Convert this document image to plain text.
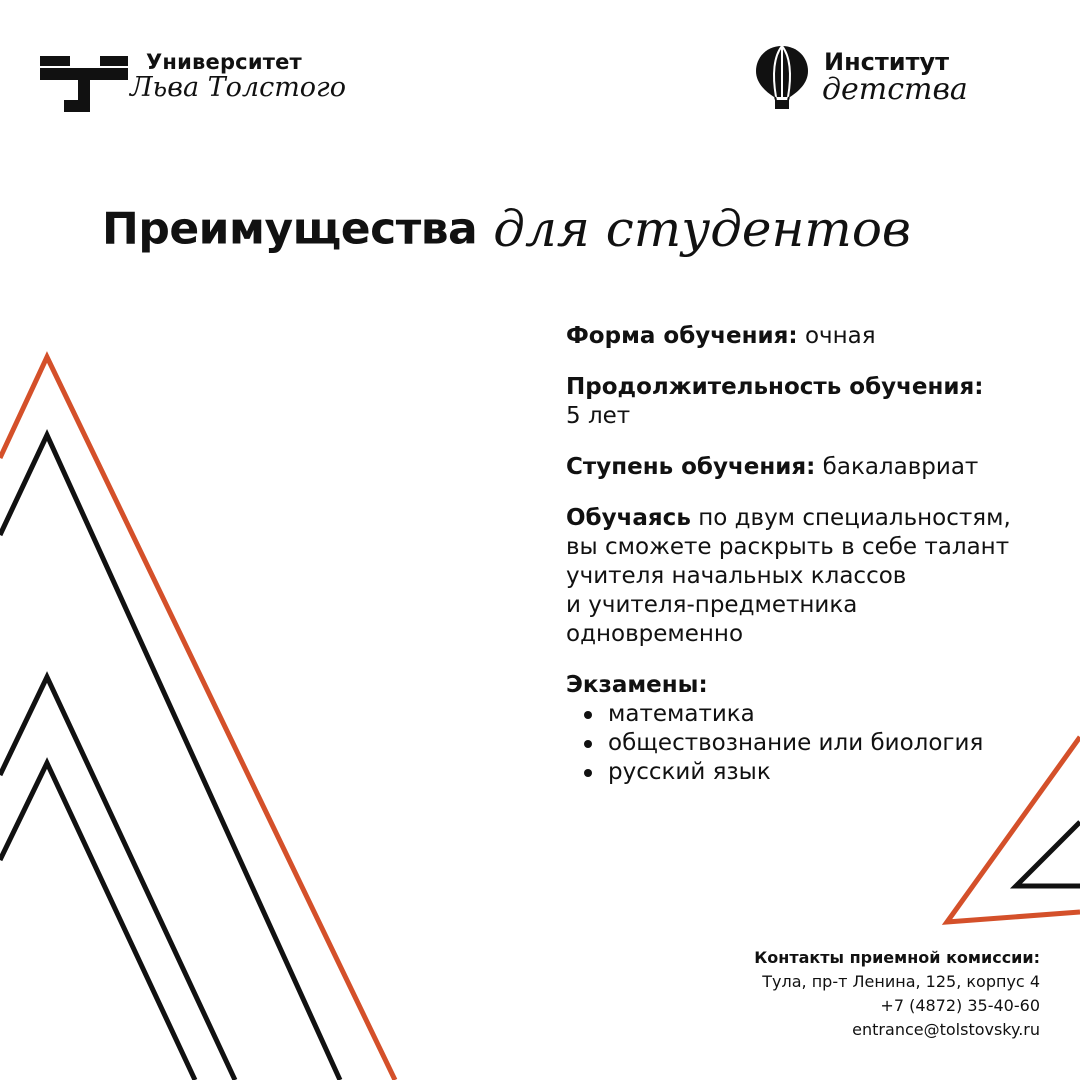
Университет
Льва Толстого
Институт
детства
Преимущества для студентов

Форма обучения: очная

Продолжительность обучения:
5 лет

Ступень обучения: бакалавриат

Обучаясь по двум специальностям,
вы сможете раскрыть в себе талант
учителя начальных классов
и учителя-предметника
одновременно

Экзамены:
математика
обществознание или биология
русский язык
Контакты приемной комиссии:
Тула, пр-т Ленина, 125, корпус 4
+7 (4872) 35-40-60
entrance@tolstovsky.ru
